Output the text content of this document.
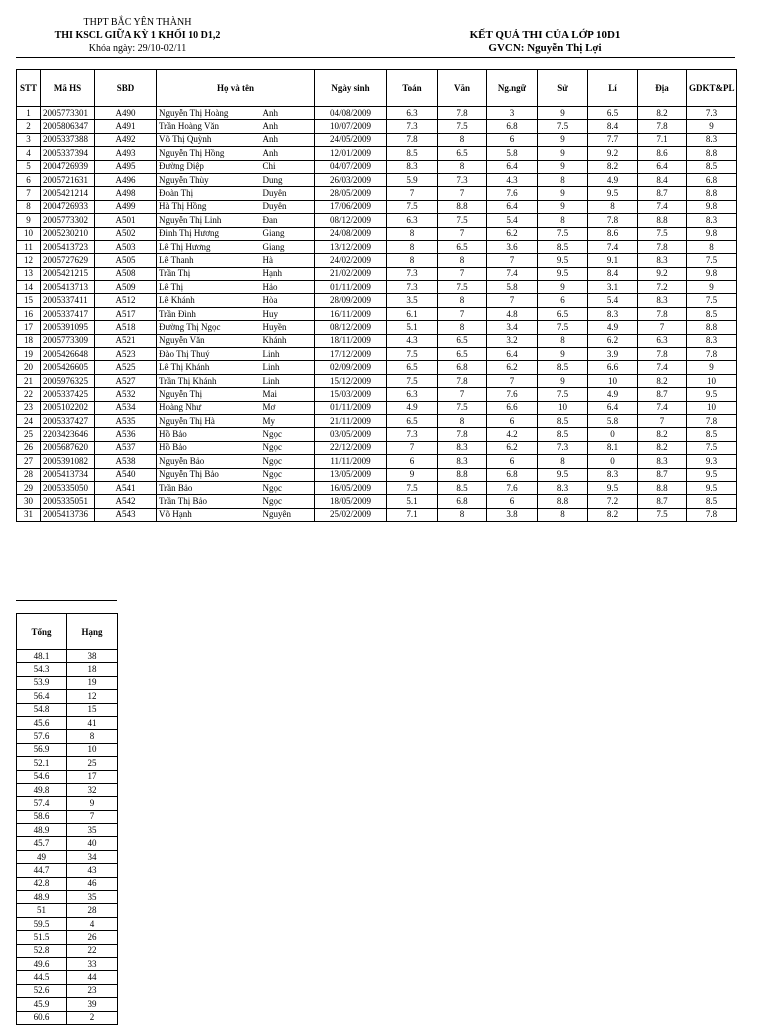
THPT BẮC YÊN THÀNH
THI KSCL GIỮA KỲ 1 KHỐI 10 D1,2
Khóa ngày: 29/10-02/11
KẾT QUẢ THI CỦA LỚP 10D1
GVCN: Nguyễn Thị Lợi
STT	Mã HS	SBD	Họ và tên		Ngày sinh	Toán	Văn	Ng.ngữ	Sử	Lí	Địa	GDKT&PL
1	2005773301	A490	Nguyễn Thị Hoàng	Anh	04/08/2009	6.3	7.8	3	9	6.5	8.2	7.3
2	2005806347	A491	Trần Hoàng Văn	Anh	10/07/2009	7.3	7.5	6.8	7.5	8.4	7.8	9
3	2005337388	A492	Võ Thị Quỳnh	Anh	24/05/2009	7.8	8	6	9	7.7	7.1	8.3
4	2005337394	A493	Nguyễn Thị Hồng	Anh	12/01/2009	8.5	6.5	5.8	9	9.2	8.6	8.8
5	2004726939	A495	Đường Diệp	Chi	04/07/2009	8.3	8	6.4	9	8.2	6.4	8.5
6	2005721631	A496	Nguyễn Thùy	Dung	26/03/2009	5.9	7.3	4.3	8	4.9	8.4	6.8
7	2005421214	A498	Đoàn Thị	Duyên	28/05/2009	7	7	7.6	9	9.5	8.7	8.8
8	2004726933	A499	Hà Thị Hồng	Duyên	17/06/2009	7.5	8.8	6.4	9	8	7.4	9.8
9	2005773302	A501	Nguyễn Thị Linh	Đan	08/12/2009	6.3	7.5	5.4	8	7.8	8.8	8.3
10	2005230210	A502	Đinh Thị Hương	Giang	24/08/2009	8	7	6.2	7.5	8.6	7.5	9.8
11	2005413723	A503	Lê Thị Hương	Giang	13/12/2009	8	6.5	3.6	8.5	7.4	7.8	8
12	2005727629	A505	Lê Thanh	Hà	24/02/2009	8	8	7	9.5	9.1	8.3	7.5
13	2005421215	A508	Trần Thị	Hạnh	21/02/2009	7.3	7	7.4	9.5	8.4	9.2	9.8
14	2005413713	A509	Lê Thị	Hảo	01/11/2009	7.3	7.5	5.8	9	3.1	7.2	9
15	2005337411	A512	Lê Khánh	Hòa	28/09/2009	3.5	8	7	6	5.4	8.3	7.5
16	2005337417	A517	Trần Đình	Huy	16/11/2009	6.1	7	4.8	6.5	8.3	7.8	8.5
17	2005391095	A518	Đường Thị Ngọc	Huyền	08/12/2009	5.1	8	3.4	7.5	4.9	7	8.8
18	2005773309	A521	Nguyễn Văn	Khánh	18/11/2009	4.3	6.5	3.2	8	6.2	6.3	8.3
19	2005426648	A523	Đào Thị Thuý	Linh	17/12/2009	7.5	6.5	6.4	9	3.9	7.8	7.8
20	2005426605	A525	Lê Thị Khánh	Linh	02/09/2009	6.5	6.8	6.2	8.5	6.6	7.4	9
21	2005976325	A527	Trần Thị Khánh	Linh	15/12/2009	7.5	7.8	7	9	10	8.2	10
22	2005337425	A532	Nguyễn Thị	Mai	15/03/2009	6.3	7	7.6	7.5	4.9	8.7	9.5
23	2005102202	A534	Hoàng Như	Mơ	01/11/2009	4.9	7.5	6.6	10	6.4	7.4	10
24	2005337427	A535	Nguyễn Thị Hà	My	21/11/2009	6.5	8	6	8.5	5.8	7	7.8
25	2203423646	A536	Hồ Bảo	Ngọc	03/05/2009	7.3	7.8	4.2	8.5	0	8.2	8.5
26	2005687620	A537	Hồ Bảo	Ngọc	22/12/2009	7	8.3	6.2	7.3	8.1	8.2	7.5
27	2005391082	A538	Nguyễn Bảo	Ngọc	11/11/2009	6	8.3	6	8	0	8.3	9.3
28	2005413734	A540	Nguyễn Thị Bảo	Ngọc	13/05/2009	9	8.8	6.8	9.5	8.3	8.7	9.5
29	2005335050	A541	Trần Bảo	Ngọc	16/05/2009	7.5	8.5	7.6	8.3	9.5	8.8	9.5
30	2005335051	A542	Trần Thị Bảo	Ngọc	18/05/2009	5.1	6.8	6	8.8	7.2	8.7	8.5
31	2005413736	A543	Võ Hạnh	Nguyên	25/02/2009	7.1	8	3.8	8	8.2	7.5	7.8
Tổng	Hạng
48.1	38
54.3	18
53.9	19
56.4	12
54.8	15
45.6	41
57.6	8
56.9	10
52.1	25
54.6	17
49.8	32
57.4	9
58.6	7
48.9	35
45.7	40
49	34
44.7	43
42.8	46
48.9	35
51	28
59.5	4
51.5	26
52.8	22
49.6	33
44.5	44
52.6	23
45.9	39
60.6	2
